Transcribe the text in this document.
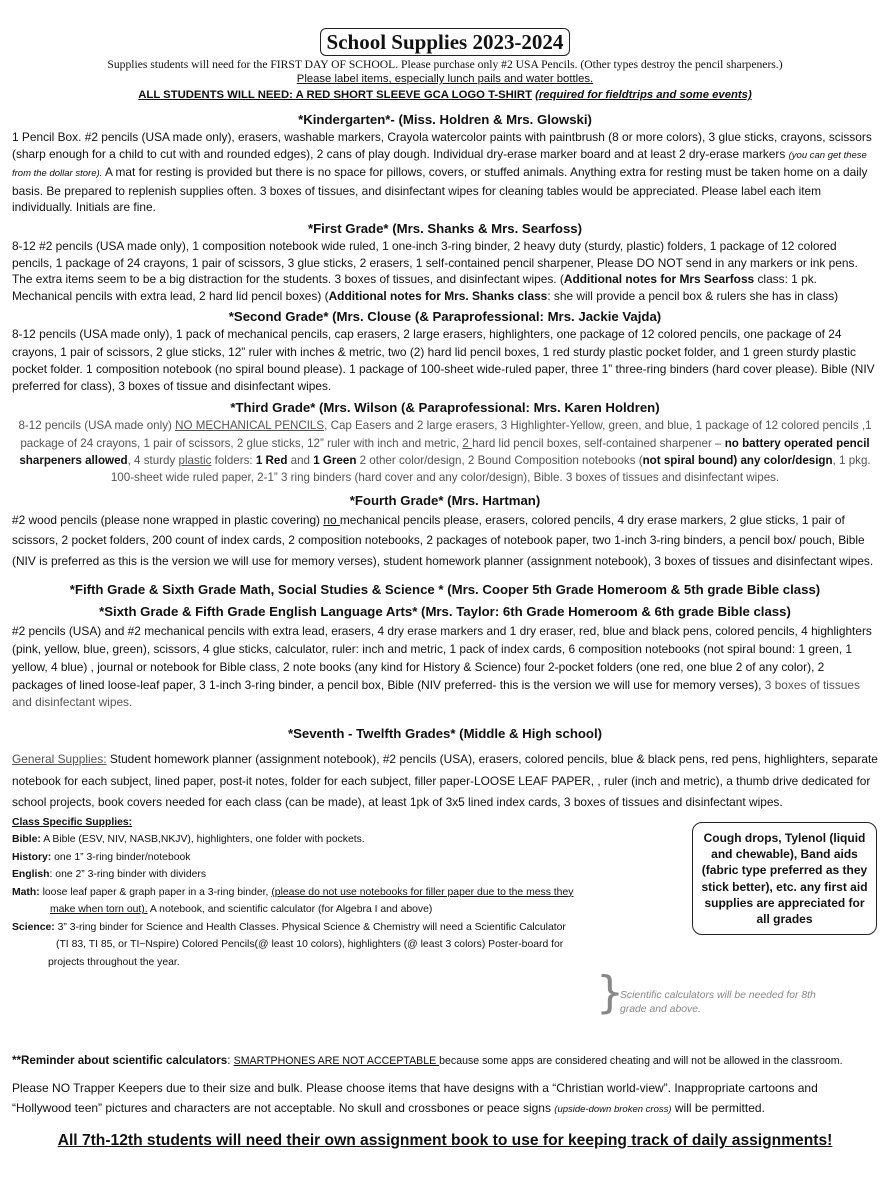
School Supplies 2023-2024
Supplies students will need for the FIRST DAY OF SCHOOL. Please purchase only #2 USA Pencils. (Other types destroy the pencil sharpeners.)
Please label items, especially lunch pails and water bottles.
ALL STUDENTS WILL NEED: A RED SHORT SLEEVE GCA LOGO T-SHIRT (required for fieldtrips and some events)
*Kindergarten*- (Miss. Holdren & Mrs. Glowski)

1 Pencil Box. #2 pencils (USA made only), erasers, washable markers, Crayola watercolor paints with paintbrush (8 or more colors), 3 glue sticks, crayons, scissors (sharp enough for a child to cut with and rounded edges), 2 cans of play dough. Individual dry-erase marker board and at least 2 dry-erase markers (you can get these from the dollar store). A mat for resting is provided but there is no space for pillows, covers, or stuffed animals. Anything extra for resting must be taken home on a daily basis. Be prepared to replenish supplies often. 3 boxes of tissues, and disinfectant wipes for cleaning tables would be appreciated. Please label each item individually. Initials are fine.

*First Grade* (Mrs. Shanks & Mrs. Searfoss)

8-12 #2 pencils (USA made only), 1 composition notebook wide ruled, 1 one-inch 3-ring binder, 2 heavy duty (sturdy, plastic) folders, 1 package of 12 colored pencils, 1 package of 24 crayons, 1 pair of scissors, 3 glue sticks, 2 erasers, 1 self-contained pencil sharpener, Please DO NOT send in any markers or ink pens. The extra items seem to be a big distraction for the students. 3 boxes of tissues, and disinfectant wipes. (Additional notes for Mrs Searfoss class: 1 pk. Mechanical pencils with extra lead, 2 hard lid pencil boxes) (Additional notes for Mrs. Shanks class: she will provide a pencil box & rulers she has in class)

*Second Grade* (Mrs. Clouse (& Paraprofessional: Mrs. Jackie Vajda)

8-12 pencils (USA made only), 1 pack of mechanical pencils, cap erasers, 2 large erasers, highlighters, one package of 12 colored pencils, one package of 24 crayons, 1 pair of scissors, 2 glue sticks, 12” ruler with inches & metric, two (2) hard lid pencil boxes, 1 red sturdy plastic pocket folder, and 1 green sturdy plastic pocket folder. 1 composition notebook (no spiral bound please). 1 package of 100-sheet wide-ruled paper, three 1” three-ring binders (hard cover please). Bible (NIV preferred for class), 3 boxes of tissue and disinfectant wipes.

*Third Grade* (Mrs. Wilson (& Paraprofessional: Mrs. Karen Holdren)

8-12 pencils (USA made only) NO MECHANICAL PENCILS, Cap Easers and 2 large erasers, 3 Highlighter-Yellow, green, and blue, 1 package of 12 colored pencils ,1 package of 24 crayons, 1 pair of scissors, 2 glue sticks, 12” ruler with inch and metric, 2 hard lid pencil boxes, self-contained sharpener – no battery operated pencil sharpeners allowed, 4 sturdy plastic folders: 1 Red and 1 Green 2 other color/design, 2 Bound Composition notebooks (not spiral bound) any color/design, 1 pkg. 100-sheet wide ruled paper, 2-1” 3 ring binders (hard cover and any color/design), Bible. 3 boxes of tissues and disinfectant wipes.

*Fourth Grade* (Mrs. Hartman)

#2 wood pencils (please none wrapped in plastic covering) no mechanical pencils please, erasers, colored pencils, 4 dry erase markers, 2 glue sticks, 1 pair of scissors, 2 pocket folders, 200 count of index cards, 2 composition notebooks, 2 packages of notebook paper, two 1-inch 3-ring binders, a pencil box/ pouch, Bible (NIV is preferred as this is the version we will use for memory verses), student homework planner (assignment notebook), 3 boxes of tissues and disinfectant wipes.

*Fifth Grade & Sixth Grade Math, Social Studies & Science * (Mrs. Cooper 5th Grade Homeroom & 5th grade Bible class)
*Sixth Grade & Fifth Grade English Language Arts* (Mrs. Taylor: 6th Grade Homeroom & 6th grade Bible class)

#2 pencils (USA) and #2 mechanical pencils with extra lead, erasers, 4 dry erase markers and 1 dry eraser, red, blue and black pens, colored pencils, 4 highlighters (pink, yellow, blue, green), scissors, 4 glue sticks, calculator, ruler: inch and metric, 1 pack of index cards, 6 composition notebooks (not spiral bound: 1 green, 1 yellow, 4 blue) , journal or notebook for Bible class, 2 note books (any kind for History & Science) four 2-pocket folders (one red, one blue 2 of any color), 2 packages of lined loose-leaf paper, 3 1-inch 3-ring binder, a pencil box, Bible (NIV preferred- this is the version we will use for memory verses), 3 boxes of tissues and disinfectant wipes.

*Seventh - Twelfth Grades* (Middle & High school)

General Supplies: Student homework planner (assignment notebook), #2 pencils (USA), erasers, colored pencils, blue & black pens, red pens, highlighters, separate notebook for each subject, lined paper, post-it notes, folder for each subject, filler paper-LOOSE LEAF PAPER, , ruler (inch and metric), a thumb drive dedicated for school projects, book covers needed for each class (can be made), at least 1pk of 3x5 lined index cards, 3 boxes of tissues and disinfectant wipes.

Class Specific Supplies:
Bible: A Bible (ESV, NIV, NASB,NKJV), highlighters, one folder with pockets.
History: one 1” 3-ring binder/notebook
English: one 2” 3-ring binder with dividers
Math: loose leaf paper & graph paper in a 3-ring binder, (please do not use notebooks for filler paper due to the mess they
make when torn out). A notebook, and scientific calculator (for Algebra I and above)
Science: 3” 3-ring binder for Science and Health Classes. Physical Science & Chemistry will need a Scientific Calculator
(TI 83, TI 85, or TI~Nspire) Colored Pencils(@ least 10 colors), highlighters (@ least 3 colors) Poster-board for
projects throughout the year.
Cough drops, Tylenol (liquid and chewable), Band aids (fabric type preferred as they stick better), etc. any first aid supplies are appreciated for all grades
}
Scientific calculators will be needed for 8th grade and above.
**Reminder about scientific calculators: SMARTPHONES ARE NOT ACCEPTABLE because some apps are considered cheating and will not be allowed in the classroom.
Please NO Trapper Keepers due to their size and bulk. Please choose items that have designs with a “Christian world-view”. Inappropriate cartoons and “Hollywood teen” pictures and characters are not acceptable. No skull and crossbones or peace signs (upside-down broken cross) will be permitted.
All 7th-12th students will need their own assignment book to use for keeping track of daily assignments!
